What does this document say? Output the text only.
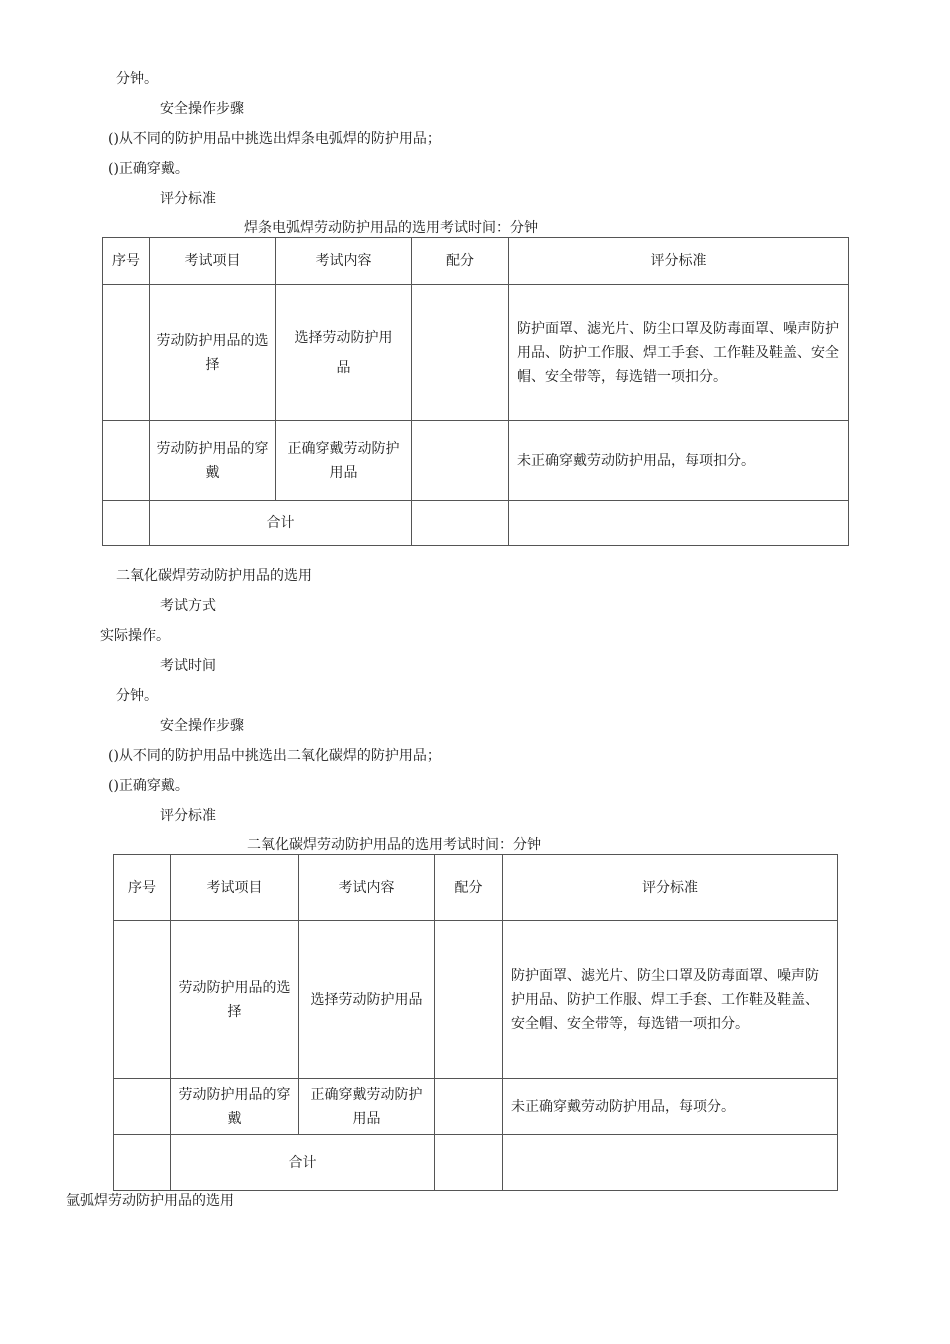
分钟。
安全操作步骤
()从不同的防护用品中挑选出焊条电弧焊的防护用品；
()正确穿戴。
评分标准
焊条电弧焊劳动防护用品的选用考试时间：分钟
序号	考试项目	考试内容	配分	评分标准
	劳动防护用品的选择	选择劳动防护用品		防护面罩、滤光片、防尘口罩及防毒面罩、噪声防护用品、防护工作服、焊工手套、工作鞋及鞋盖、安全帽、安全带等，每选错一项扣分。
	劳动防护用品的穿戴	正确穿戴劳动防护用品		未正确穿戴劳动防护用品，每项扣分。
	合计			
二氧化碳焊劳动防护用品的选用
考试方式
实际操作。
考试时间
分钟。
安全操作步骤
()从不同的防护用品中挑选出二氧化碳焊的防护用品；
()正确穿戴。
评分标准
二氧化碳焊劳动防护用品的选用考试时间：分钟
序号	考试项目	考试内容	配分	评分标准
	劳动防护用品的选择	选择劳动防护用品		防护面罩、滤光片、防尘口罩及防毒面罩、噪声防护用品、防护工作服、焊工手套、工作鞋及鞋盖、安全帽、安全带等，每选错一项扣分。
	劳动防护用品的穿戴	正确穿戴劳动防护用品		未正确穿戴劳动防护用品，每项分。
	合计			
氩弧焊劳动防护用品的选用
